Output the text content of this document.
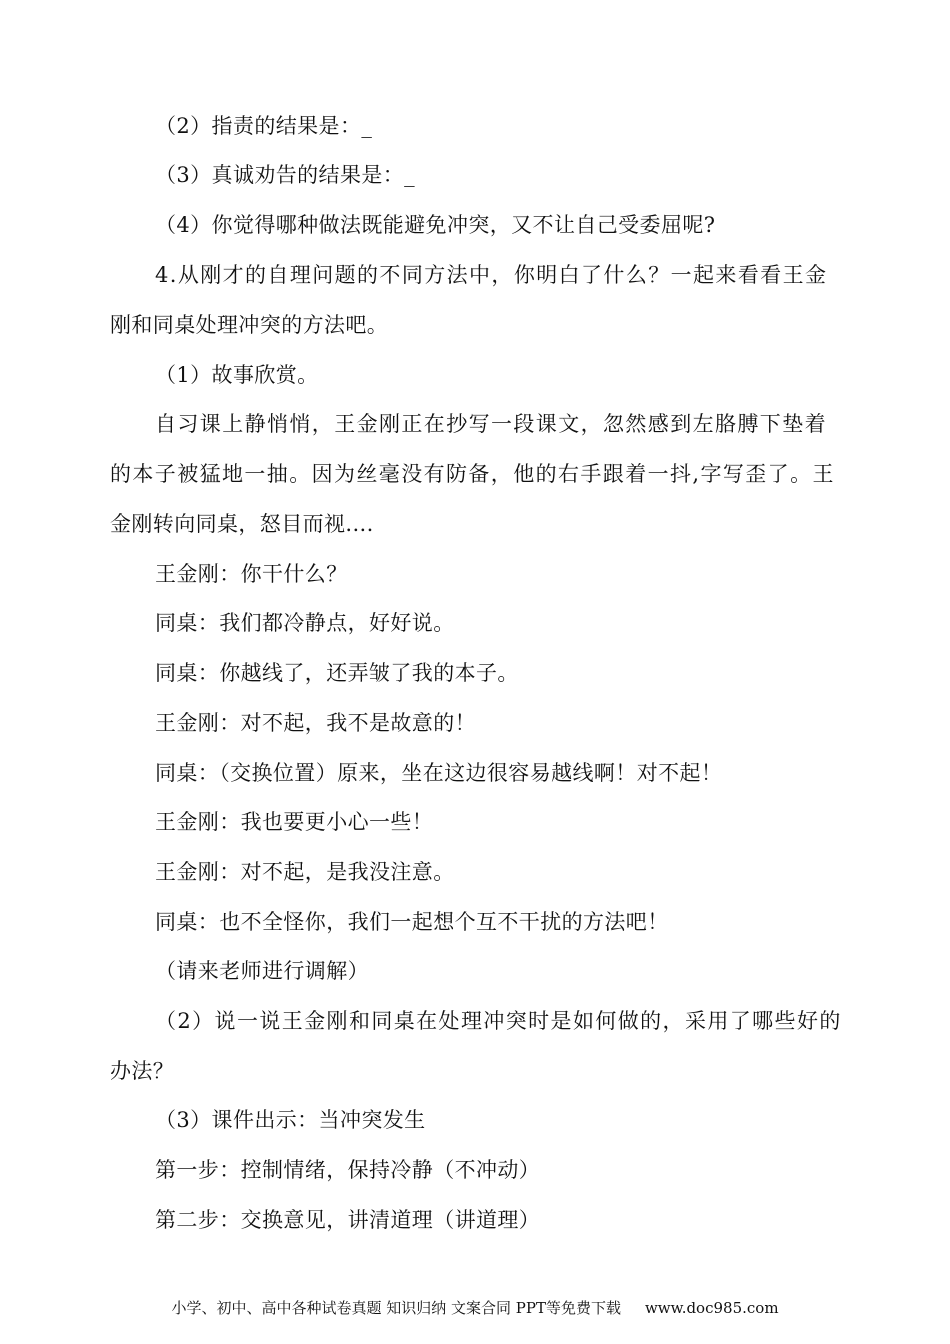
（2）指责的结果是：_
（3）真诚劝告的结果是：_
（4）你觉得哪种做法既能避免冲突，又不让自己受委屈呢?
4.从刚才的自理问题的不同方法中，你明白了什么？一起来看看王金
刚和同桌处理冲突的方法吧。
（1）故事欣赏。
自习课上静悄悄，王金刚正在抄写一段课文，忽然感到左胳膊下垫着
的本子被猛地一抽。因为丝毫没有防备，他的右手跟着一抖,字写歪了。王
金刚转向同桌，怒目而视....
王金刚：你干什么？
同桌：我们都冷静点，好好说。
同桌：你越线了，还弄皱了我的本子。
王金刚：对不起，我不是故意的！
同桌：（交换位置）原来，坐在这边很容易越线啊！对不起！
王金刚：我也要更小心一些！
王金刚：对不起，是我没注意。
同桌：也不全怪你，我们一起想个互不干扰的方法吧！
（请来老师进行调解）
（2）说一说王金刚和同桌在处理冲突时是如何做的，采用了哪些好的
办法？
（3）课件出示：当冲突发生
第一步：控制情绪，保持冷静（不冲动）
第二步：交换意见，讲清道理（讲道理）
小学、初中、高中各种试卷真题 知识归纳 文案合同 PPT等免费下载 www.doc985.com
